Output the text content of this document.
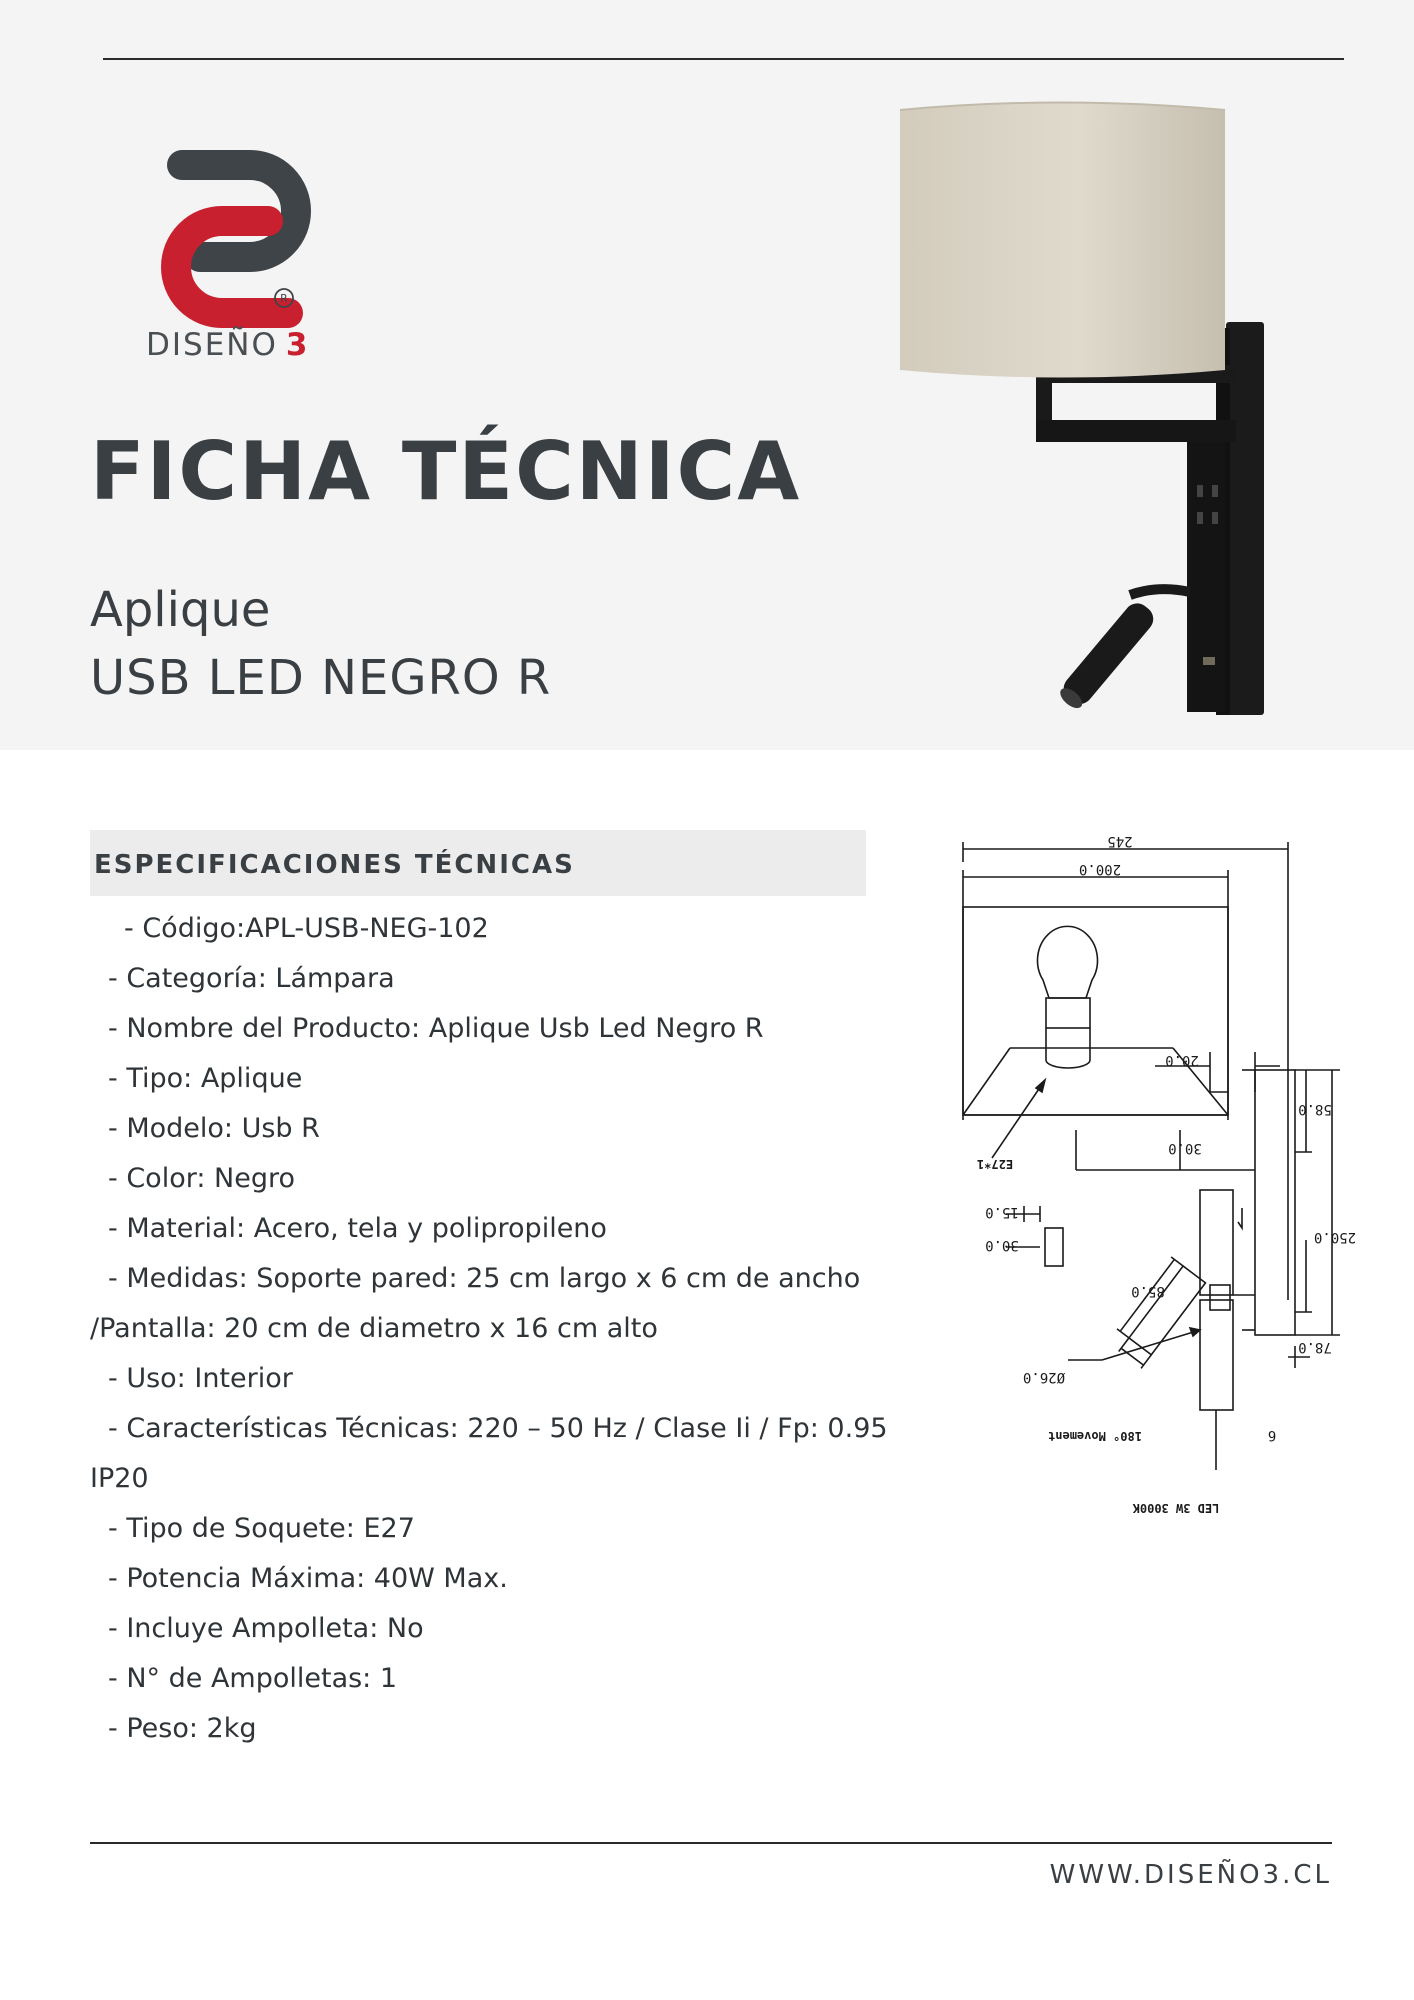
R
DISEÑO 3
FICHA TÉCNICA
Aplique
USB LED NEGRO R
ESPECIFICACIONES TÉCNICAS
- Código:APL-USB-NEG-102
- Categoría: Lámpara
- Nombre del Producto: Aplique Usb Led Negro R
- Tipo: Aplique
- Modelo: Usb R
- Color: Negro
- Material: Acero, tela y polipropileno
- Medidas: Soporte pared: 25 cm largo x 6 cm de ancho
/Pantalla: 20 cm de diametro x 16 cm alto
- Uso: Interior
- Características Técnicas: 220 – 50 Hz / Clase Ii / Fp: 0.95
IP20
- Tipo de Soquete: E27
- Potencia Máxima: 40W Max.
- Incluye Ampolleta: No
- N° de Ampolletas: 1
- Peso: 2kg
245
200.0
20.0
58.0
30.0
250.0
15.0
30.0
85.0
78.0
Ø26.0
6
E27*1
180° Movement
LED 3W 3000K
WWW.DISEÑO3.CL
